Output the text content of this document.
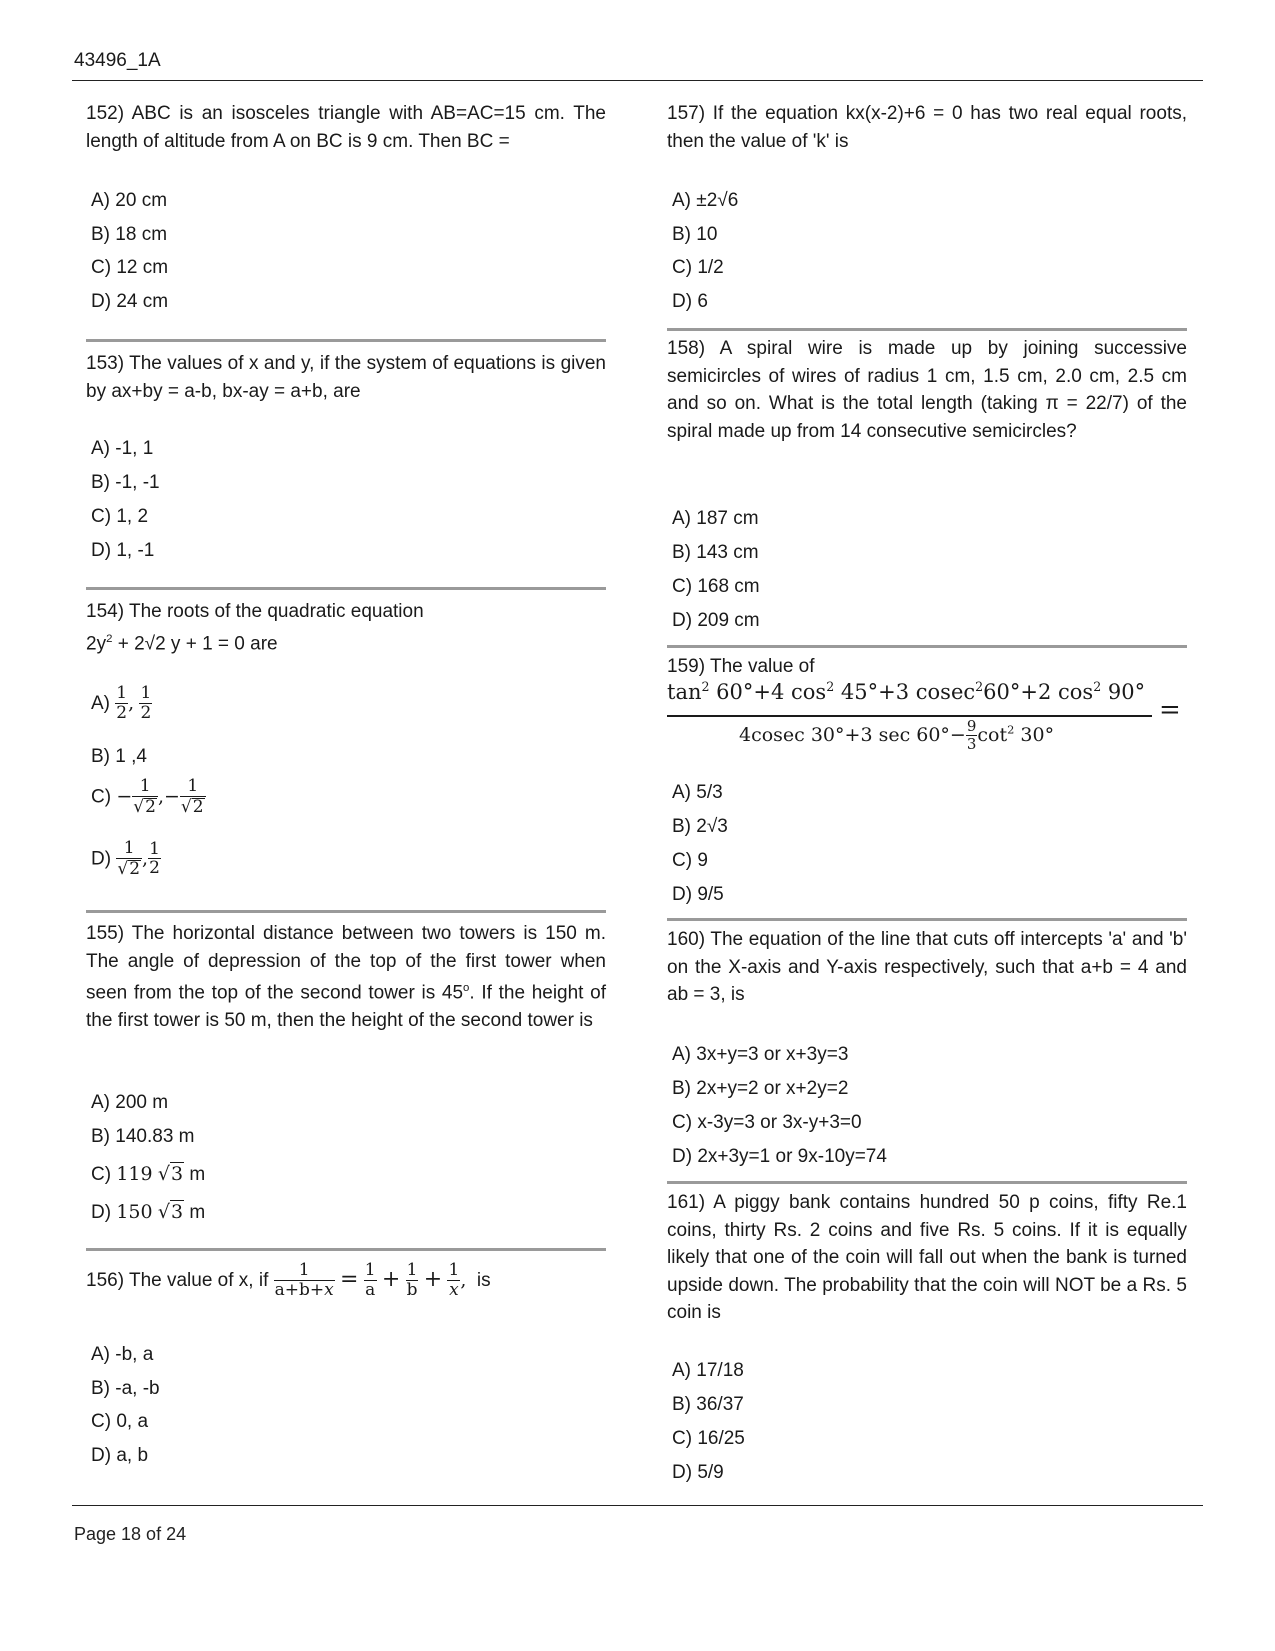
43496_1A
152) ABC is an isosceles triangle with AB=AC=15 cm. The length of altitude from A on BC is 9 cm. Then BC =
A) 20 cm
B) 18 cm
C) 12 cm
D) 24 cm
153) The values of x and y, if the system of equations is given by ax+by = a-b, bx-ay = a+b, are
A) -1, 1
B) -1, -1
C) 1, 2
D) 1, -1
154) The roots of the quadratic equation
$2y^2 + 2√2$ y + 1 = 0 are
$A) \frac{1}{2}$ , $\frac{1}{2}$
B) 1 ,4
$C) - \frac{1}{√2}$ ,− $\frac{1}{√2}$
$D) \frac{1}{√2}$ , $\frac{1}{2}$
155) The horizontal distance between two towers is 150 m. The angle of depression of the top of the first tower when seen from the top of the second tower is 45$^o$. If the height of the first tower is 50 m, then the height of the second tower is
A) 200 m
B) 140.83 m
C) 119 √3 m
D) 150 √3 m
156) The value of x, if $\frac{1}{a+b+x} = \frac{1}{a} + \frac{1}{b} + \frac{1}{x}$ , is
A) -b, a
B) -a, -b
C) 0, a
D) a, b
157) If the equation kx(x-2)+6 = 0 has two real equal roots, then the value of 'k' is
A) ±2√6
B) 10
C) 1/2
D) 6
158) A spiral wire is made up by joining successive semicircles of wires of radius 1 cm, 1.5 cm, 2.0 cm, 2.5 cm and so on. What is the total length (taking π = 22/7) of the spiral made up from 14 consecutive semicircles?
A) 187 cm
B) 143 cm
C) 168 cm
D) 209 cm
159) The value of
$\tan^2 60^\circ+4$ $\cos^2 45^\circ+3$ cosec$^2$60°+2 $\cos^2 90^\circ$
4cosec 30°+3 $\sec 60^\circ- \frac{9}{3} \cot^2 30^\circ$
=
A) 5/3
B) 2√3
C) 9
D) 9/5
160) The equation of the line that cuts off intercepts 'a' and 'b' on the X-axis and Y-axis respectively, such that a+b = 4 and ab = 3, is
A) 3x+y=3 or x+3y=3
B) 2x+y=2 or x+2y=2
C) x-3y=3 or 3x-y+3=0
D) 2x+3y=1 or 9x-10y=74
161) A piggy bank contains hundred 50 p coins, fifty Re.1 coins, thirty Rs. 2 coins and five Rs. 5 coins. If it is equally likely that one of the coin will fall out when the bank is turned upside down. The probability that the coin will NOT be a Rs. 5 coin is
A) 17/18
B) 36/37
C) 16/25
D) 5/9
Page 18 of 24
